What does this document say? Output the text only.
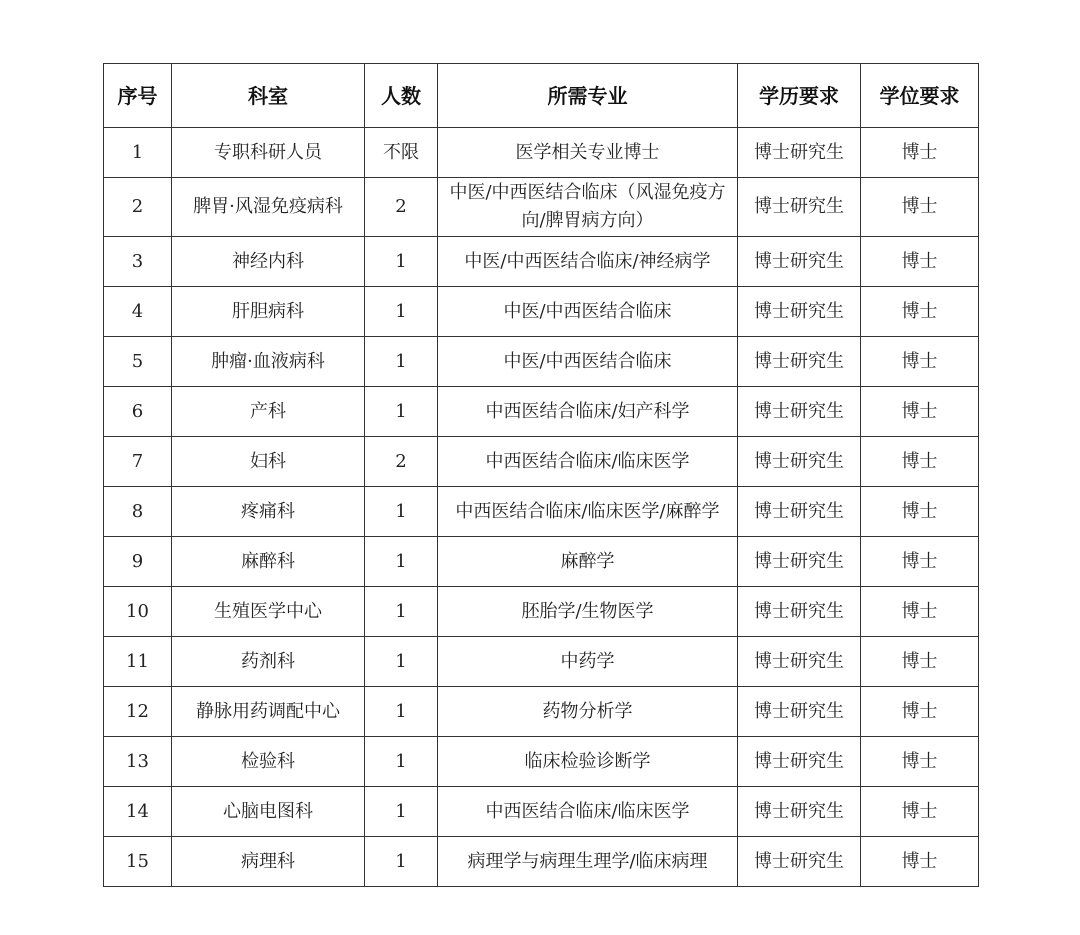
序号	科室	人数	所需专业	学历要求	学位要求
1	专职科研人员	不限	医学相关专业博士	博士研究生	博士
2	脾胃·风湿免疫病科	2	中医/中西医结合临床（风湿免疫方向/脾胃病方向）	博士研究生	博士
3	神经内科	1	中医/中西医结合临床/神经病学	博士研究生	博士
4	肝胆病科	1	中医/中西医结合临床	博士研究生	博士
5	肿瘤·血液病科	1	中医/中西医结合临床	博士研究生	博士
6	产科	1	中西医结合临床/妇产科学	博士研究生	博士
7	妇科	2	中西医结合临床/临床医学	博士研究生	博士
8	疼痛科	1	中西医结合临床/临床医学/麻醉学	博士研究生	博士
9	麻醉科	1	麻醉学	博士研究生	博士
10	生殖医学中心	1	胚胎学/生物医学	博士研究生	博士
11	药剂科	1	中药学	博士研究生	博士
12	静脉用药调配中心	1	药物分析学	博士研究生	博士
13	检验科	1	临床检验诊断学	博士研究生	博士
14	心脑电图科	1	中西医结合临床/临床医学	博士研究生	博士
15	病理科	1	病理学与病理生理学/临床病理	博士研究生	博士
